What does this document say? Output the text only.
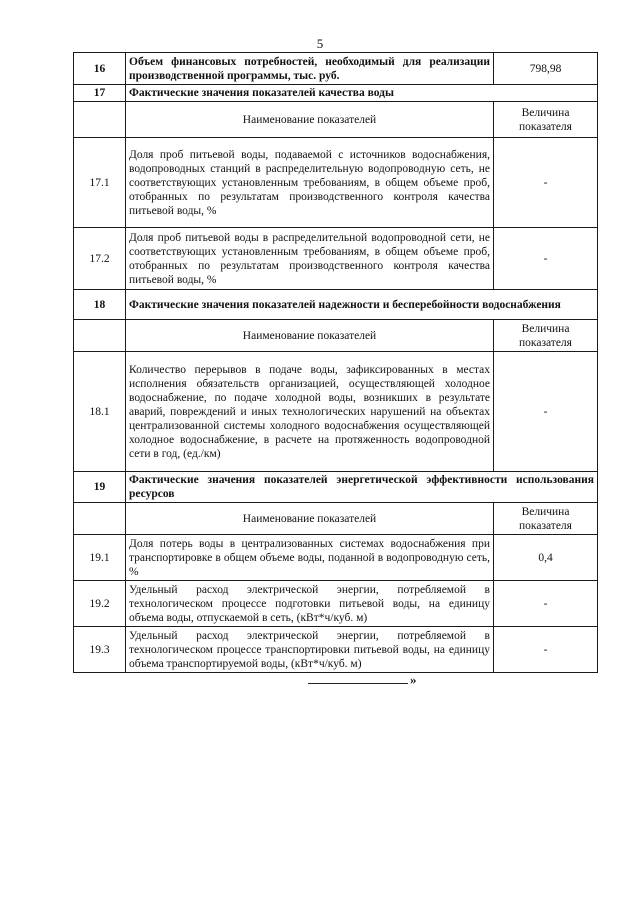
5
16	Объем финансовых потребностей, необходимый для реализации производственной программы, тыс. руб.	798,98
17	Фактические значения показателей качества воды	
	Наименование показателей	Величина показателя
17.1	Доля проб питьевой воды, подаваемой с источников водоснабжения, водопроводных станций в распределительную водопроводную сеть, не соответствующих установленным требованиям, в общем объеме проб, отобранных по результатам производственного контроля качества питьевой воды, %	-
17.2	Доля проб питьевой воды в распределительной водопроводной сети, не соответствующих установленным требованиям, в общем объеме проб, отобранных по результатам производственного контроля качества питьевой воды, %	-
18	Фактические значения показателей надежности и бесперебойности водоснабжения	
	Наименование показателей	Величина показателя
18.1	Количество перерывов в подаче воды, зафиксированных в местах исполнения обязательств организацией, осуществляющей холодное водоснабжение, по подаче холодной воды, возникших в результате аварий, повреждений и иных технологических нарушений на объектах централизованной системы холодного водоснабжения осуществляющей холодное водоснабжение, в расчете на протяженность водопроводной сети в год, (ед./км)	-
19	Фактические значения показателей энергетической эффективности использования ресурсов	
	Наименование показателей	Величина показателя
19.1	Доля потерь воды в централизованных системах водоснабжения при транспортировке в общем объеме воды, поданной в водопроводную сеть, %	0,4
19.2	Удельный расход электрической энергии, потребляемой в технологическом процессе подготовки питьевой воды, на единицу объема воды, отпускаемой в сеть, (кВт*ч/куб. м)	-
19.3	Удельный расход электрической энергии, потребляемой в технологическом процессе транспортировки питьевой воды, на единицу объема транспортируемой воды, (кВт*ч/куб. м)	-
»
